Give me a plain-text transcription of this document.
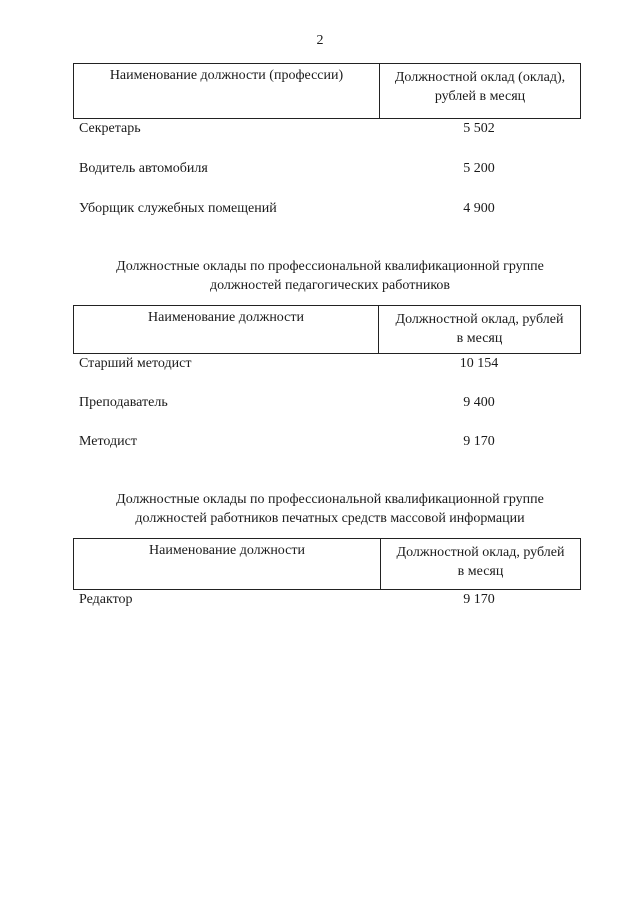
2
Наименование должности (профессии)	Должностной оклад (оклад),
рублей в месяц
Секретарь	5 502
Водитель автомобиля	5 200
Уборщик служебных помещений	4 900
Должностные оклады по профессиональной квалификационной группе
должностей педагогических работников
Наименование должности	Должностной оклад, рублей
в месяц
Старший методист	10 154
Преподаватель	9 400
Методист	9 170
Должностные оклады по профессиональной квалификационной группе
должностей работников печатных средств массовой информации
Наименование должности	Должностной оклад, рублей
в месяц
Редактор	9 170
